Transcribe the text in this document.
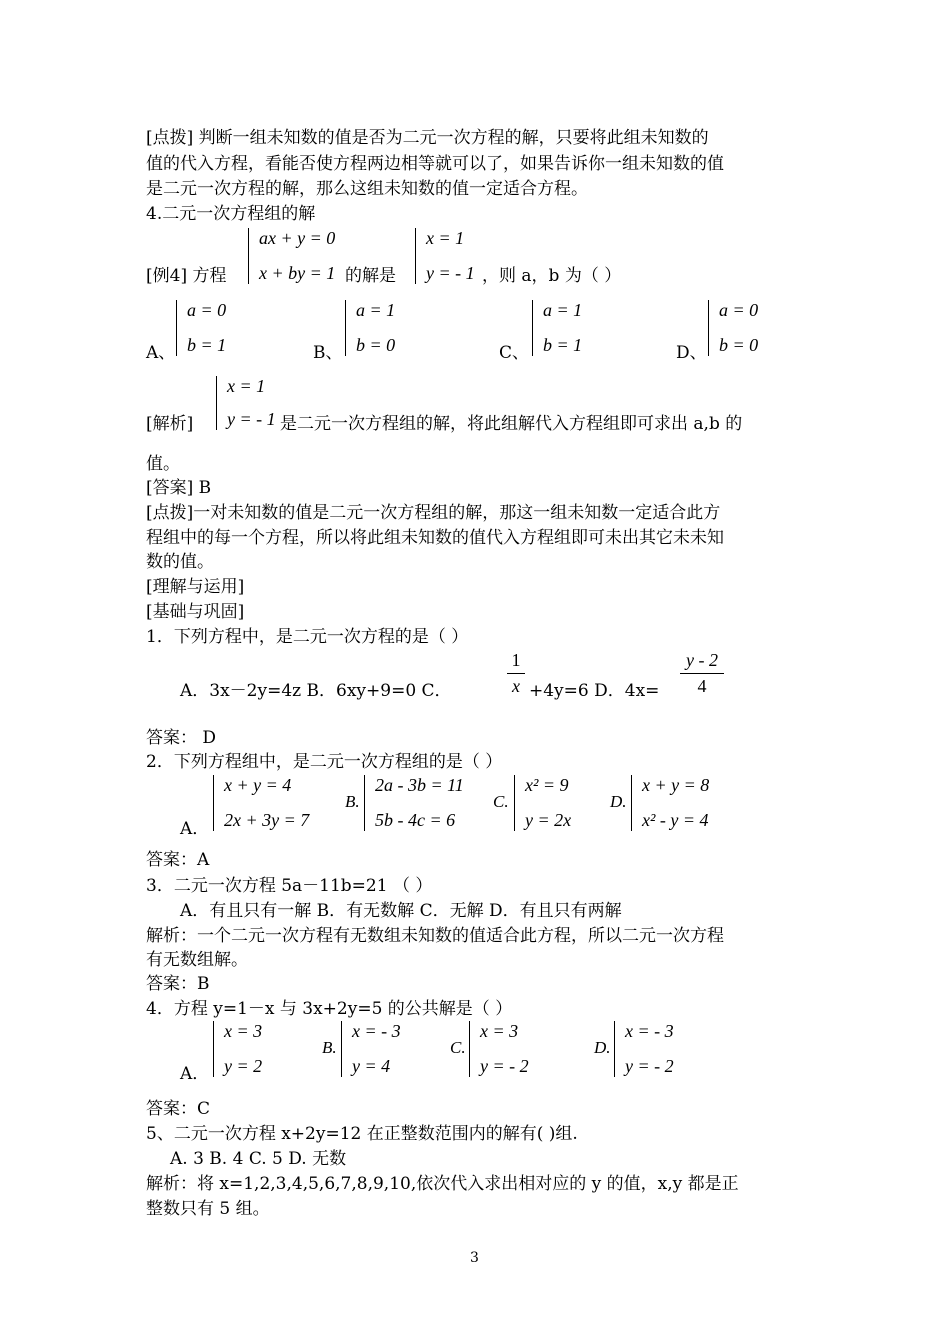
[点拨] 判断一组未知数的值是否为二元一次方程的解，只要将此组未知数的
值的代入方程，看能否使方程两边相等就可以了，如果告诉你一组未知数的值
是二元一次方程的解，那么这组未知数的值一定适合方程。
4.二元一次方程组的解
[例4] 方程
ax + y = 0
x + by = 1 的解是
x = 1
y = - 1 ，则 a，b 为（ ）
A、
a = 0
b = 1	B、
a = 1
b = 0	C、
a = 1
b = 1	D、
a = 0
b = 0
[解析]
x = 1
y = - 1 是二元一次方程组的解，将此组解代入方程组即可求出 a,b 的
值。
[答案] B
[点拨]一对未知数的值是二元一次方程组的解，那这一组未知数一定适合此方
程组中的每一个方程，所以将此组未知数的值代入方程组即可未出其它未未知
数的值。
[理解与运用]
[基础与巩固]
1．下列方程中，是二元一次方程的是（ ）
A．3x－2y=4z B．6xy+9=0 C．
1
x +4y=6 D．4x=
y - 2
4
答案： D
2．下列方程组中，是二元一次方程组的是（ ）
A．
x + y = 4
2x + 3y = 7
B.
2a - 3b = 11
5b - 4c = 6
C.
x² = 9
y = 2x
D.
x + y = 8
x² - y = 4
答案：A
3．二元一次方程 5a－11b=21 （ ）
A．有且只有一解 B．有无数解 C．无解 D．有且只有两解
解析：一个二元一次方程有无数组未知数的值适合此方程，所以二元一次方程
有无数组解。
答案：B
4．方程 y=1－x 与 3x+2y=5 的公共解是（ ）
A．
x = 3
y = 2
B.
x = - 3
y = 4
C.
x = 3
y = - 2
D.
x = - 3
y = - 2
答案：C
5、二元一次方程 x+2y=12 在正整数范围内的解有( )组.
A. 3 B. 4 C. 5 D. 无数
解析：将 x=1,2,3,4,5,6,7,8,9,10,依次代入求出相对应的 y 的值，x,y 都是正
整数只有 5 组。
3
